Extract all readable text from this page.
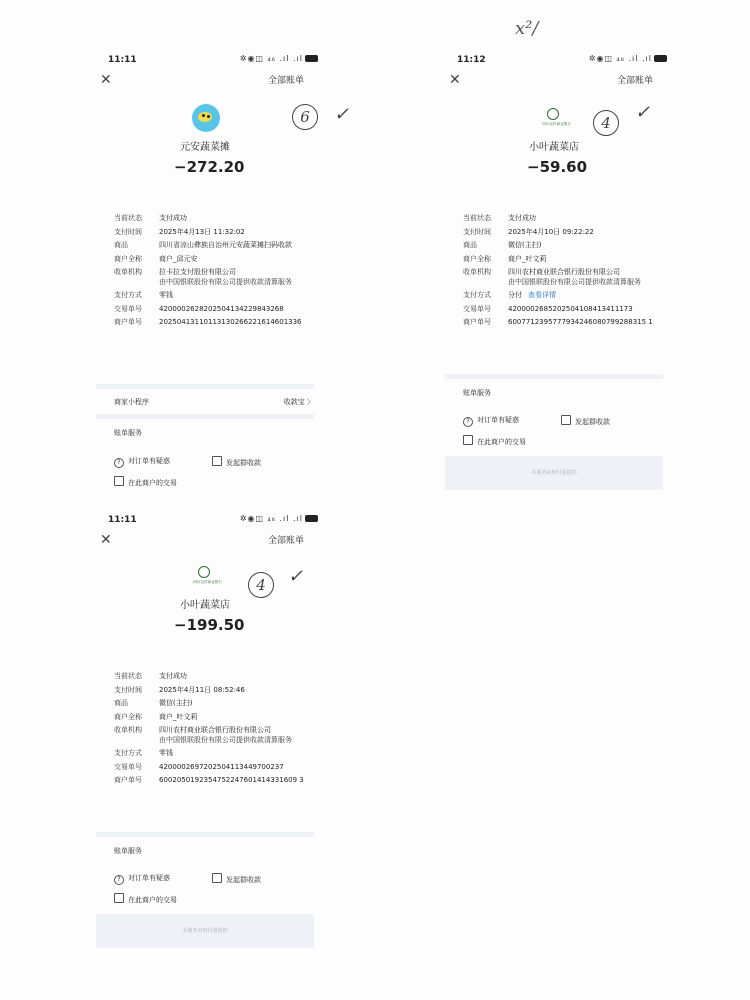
x²/
11:11	✲◉◫ ₄₆ .ıl .ıl
✕	全部账单
元安蔬菜摊
−272.20
6	✓
当前状态	支付成功
支付时间	2025年4月13日 11:32:02
商品	四川省凉山彝族自治州元安蔬菜摊扫码收款
商户全称	商户_邱元安
收单机构	拉卡拉支付股份有限公司
由中国银联股份有限公司提供收款清算服务
支付方式	零钱
交易单号	4200002628202504134229843268
商户单号	20250413110113130266221614601336
商家小程序	收款宝 〉
账单服务
? 对订单有疑惑	发起群收款
在此商户的交易
11:12	✲◉◫ ₄₆ .ıl .ıl
✕	全部账单
四川农村商业银行
小叶蔬菜店
−59.60
4	✓
当前状态	支付成功
支付时间	2025年4月10日 09:22:22
商品	微信(主扫)
商户全称	商户_叶文莉
收单机构	四川农村商业联合银行股份有限公司
由中国银联股份有限公司提供收款清算服务
支付方式	分付 查看详情
交易单号	4200002685202504108413411173
商户单号	6007712395777934246080799288315 1
账单服务
? 对订单有疑惑	发起群收款
在此商户的交易
本服务由财付通提供
11:11	✲◉◫ ₄₆ .ıl .ıl
✕	全部账单
四川农村商业银行
小叶蔬菜店
−199.50
4	✓
当前状态	支付成功
支付时间	2025年4月11日 08:52:46
商品	微信(主扫)
商户全称	商户_叶文莉
收单机构	四川农村商业联合银行股份有限公司
由中国银联股份有限公司提供收款清算服务
支付方式	零钱
交易单号	4200002697202504113449700237
商户单号	6002050192354752247601414331609 3
账单服务
? 对订单有疑惑	发起群收款
在此商户的交易
本服务由财付通提供
